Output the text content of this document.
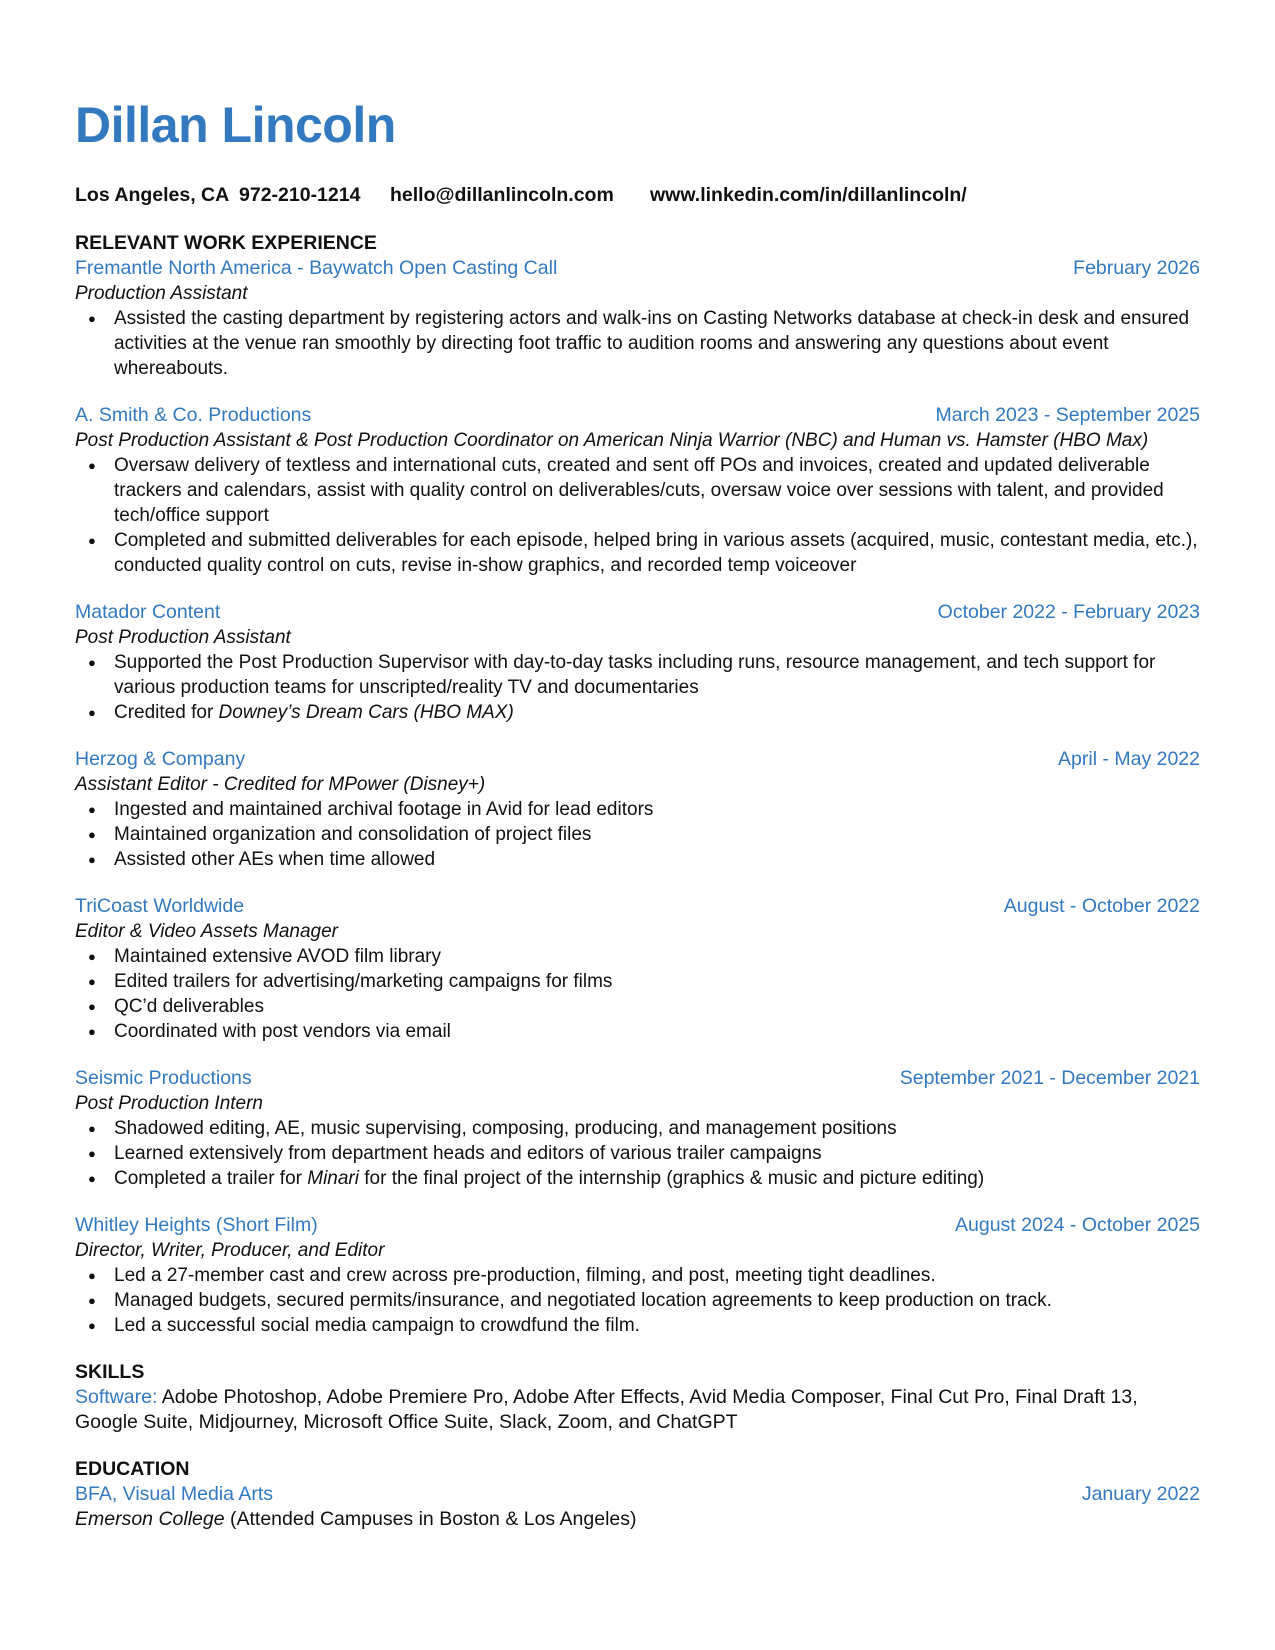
Dillan Lincoln
Los Angeles, CA 972-210-1214 hello@dillanlincoln.com www.linkedin.com/in/dillanlincoln/
RELEVANT WORK EXPERIENCE
Fremantle North America - Baywatch Open Casting Call	February 2026
Production Assistant
● Assisted the casting department by registering actors and walk-ins on Casting Networks database at check-in desk and ensured activities at the venue ran smoothly by directing foot traffic to audition rooms and answering any questions about event whereabouts.
A. Smith & Co. Productions	March 2023 - September 2025
Post Production Assistant & Post Production Coordinator on American Ninja Warrior (NBC) and Human vs. Hamster (HBO Max)
● Oversaw delivery of textless and international cuts, created and sent off POs and invoices, created and updated deliverable trackers and calendars, assist with quality control on deliverables/cuts, oversaw voice over sessions with talent, and provided tech/office support
● Completed and submitted deliverables for each episode, helped bring in various assets (acquired, music, contestant media, etc.), conducted quality control on cuts, revise in-show graphics, and recorded temp voiceover
Matador Content	October 2022 - February 2023
Post Production Assistant
● Supported the Post Production Supervisor with day-to-day tasks including runs, resource management, and tech support for various production teams for unscripted/reality TV and documentaries
● Credited for Downey’s Dream Cars (HBO MAX)
Herzog & Company	April - May 2022
Assistant Editor - Credited for MPower (Disney+)
● Ingested and maintained archival footage in Avid for lead editors
● Maintained organization and consolidation of project files
● Assisted other AEs when time allowed
TriCoast Worldwide	August - October 2022
Editor & Video Assets Manager
● Maintained extensive AVOD film library
● Edited trailers for advertising/marketing campaigns for films
● QC’d deliverables
● Coordinated with post vendors via email
Seismic Productions	September 2021 - December 2021
Post Production Intern
● Shadowed editing, AE, music supervising, composing, producing, and management positions
● Learned extensively from department heads and editors of various trailer campaigns
● Completed a trailer for Minari for the final project of the internship (graphics & music and picture editing)
Whitley Heights (Short Film)	August 2024 - October 2025
Director, Writer, Producer, and Editor
● Led a 27-member cast and crew across pre-production, filming, and post, meeting tight deadlines.
● Managed budgets, secured permits/insurance, and negotiated location agreements to keep production on track.
● Led a successful social media campaign to crowdfund the film.
SKILLS
Software: Adobe Photoshop, Adobe Premiere Pro, Adobe After Effects, Avid Media Composer, Final Cut Pro, Final Draft 13, Google Suite, Midjourney, Microsoft Office Suite, Slack, Zoom, and ChatGPT
EDUCATION
BFA, Visual Media Arts	January 2022
Emerson College (Attended Campuses in Boston & Los Angeles)
